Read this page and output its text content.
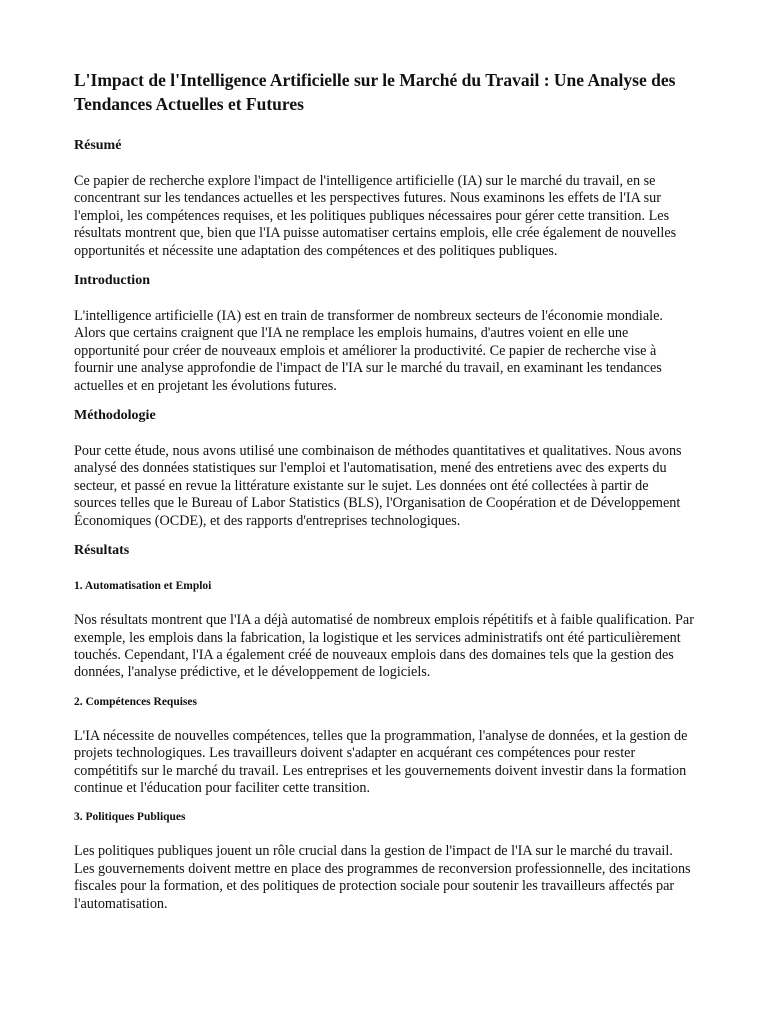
L'Impact de l'Intelligence Artificielle sur le Marché du Travail : Une Analyse des Tendances Actuelles et Futures
Résumé
Ce papier de recherche explore l'impact de l'intelligence artificielle (IA) sur le marché du travail, en se concentrant sur les tendances actuelles et les perspectives futures. Nous examinons les effets de l'IA sur l'emploi, les compétences requises, et les politiques publiques nécessaires pour gérer cette transition. Les résultats montrent que, bien que l'IA puisse automatiser certains emplois, elle crée également de nouvelles opportunités et nécessite une adaptation des compétences et des politiques publiques.
Introduction
L'intelligence artificielle (IA) est en train de transformer de nombreux secteurs de l'économie mondiale. Alors que certains craignent que l'IA ne remplace les emplois humains, d'autres voient en elle une opportunité pour créer de nouveaux emplois et améliorer la productivité. Ce papier de recherche vise à fournir une analyse approfondie de l'impact de l'IA sur le marché du travail, en examinant les tendances actuelles et en projetant les évolutions futures.
Méthodologie
Pour cette étude, nous avons utilisé une combinaison de méthodes quantitatives et qualitatives. Nous avons analysé des données statistiques sur l'emploi et l'automatisation, mené des entretiens avec des experts du secteur, et passé en revue la littérature existante sur le sujet. Les données ont été collectées à partir de sources telles que le Bureau of Labor Statistics (BLS), l'Organisation de Coopération et de Développement Économiques (OCDE), et des rapports d'entreprises technologiques.
Résultats
1. Automatisation et Emploi
Nos résultats montrent que l'IA a déjà automatisé de nombreux emplois répétitifs et à faible qualification. Par exemple, les emplois dans la fabrication, la logistique et les services administratifs ont été particulièrement touchés. Cependant, l'IA a également créé de nouveaux emplois dans des domaines tels que la gestion des données, l'analyse prédictive, et le développement de logiciels.
2. Compétences Requises
L'IA nécessite de nouvelles compétences, telles que la programmation, l'analyse de données, et la gestion de projets technologiques. Les travailleurs doivent s'adapter en acquérant ces compétences pour rester compétitifs sur le marché du travail. Les entreprises et les gouvernements doivent investir dans la formation continue et l'éducation pour faciliter cette transition.
3. Politiques Publiques
Les politiques publiques jouent un rôle crucial dans la gestion de l'impact de l'IA sur le marché du travail. Les gouvernements doivent mettre en place des programmes de reconversion professionnelle, des incitations fiscales pour la formation, et des politiques de protection sociale pour soutenir les travailleurs affectés par l'automatisation.
